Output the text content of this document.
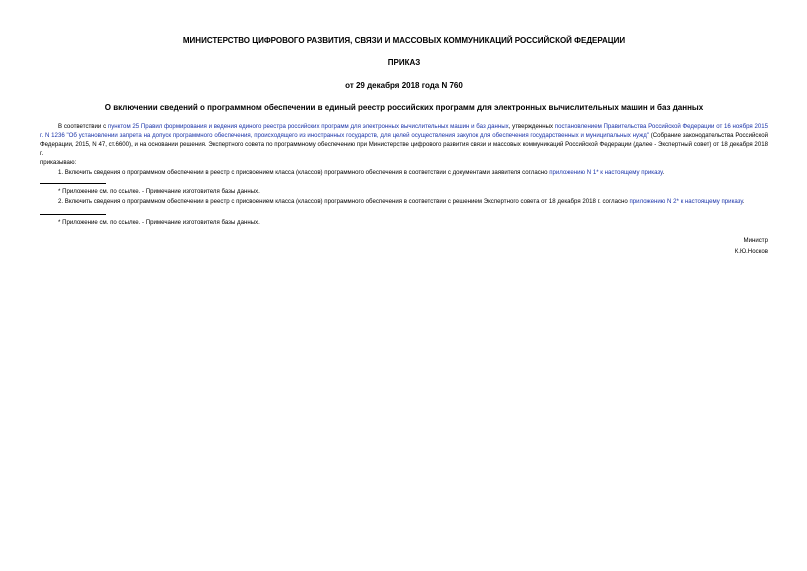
МИНИСТЕРСТВО ЦИФРОВОГО РАЗВИТИЯ, СВЯЗИ И МАССОВЫХ КОММУНИКАЦИЙ РОССИЙСКОЙ ФЕДЕРАЦИИ
ПРИКАЗ
от 29 декабря 2018 года N 760
О включении сведений о программном обеспечении в единый реестр российских программ для электронных вычислительных машин и баз данных

В соответствии с пунктом 25 Правил формирования и ведения единого реестра российских программ для электронных вычислительных машин и баз данных, утвержденных постановлением Правительства Российской Федерации от 16 ноября 2015 г. N 1236 "Об установлении запрета на допуск программного обеспечения, происходящего из иностранных государств, для целей осуществления закупок для обеспечения государственных и муниципальных нужд" (Собрание законодательства Российской Федерации, 2015, N 47, ст.6600), и на основании решения. Экспертного совета по программному обеспечению при Министерстве цифрового развития связи и массовых коммуникаций Российской Федерации (далее - Экспертный совет) от 18 декабря 2018 г.

приказываю:

1. Включить сведения о программном обеспечении в реестр с присвоением класса (классов) программного обеспечения в соответствии с документами заявителя согласно приложению N 1* к настоящему приказу.

* Приложение см. по ссылке. - Примечание изготовителя базы данных.

2. Включить сведения о программном обеспечении в реестр с присвоением класса (классов) программного обеспечения в соответствии с решением Экспертного совета от 18 декабря 2018 г. согласно приложению N 2* к настоящему приказу.

* Приложение см. по ссылке. - Примечание изготовителя базы данных.

Министр
К.Ю.Носков
